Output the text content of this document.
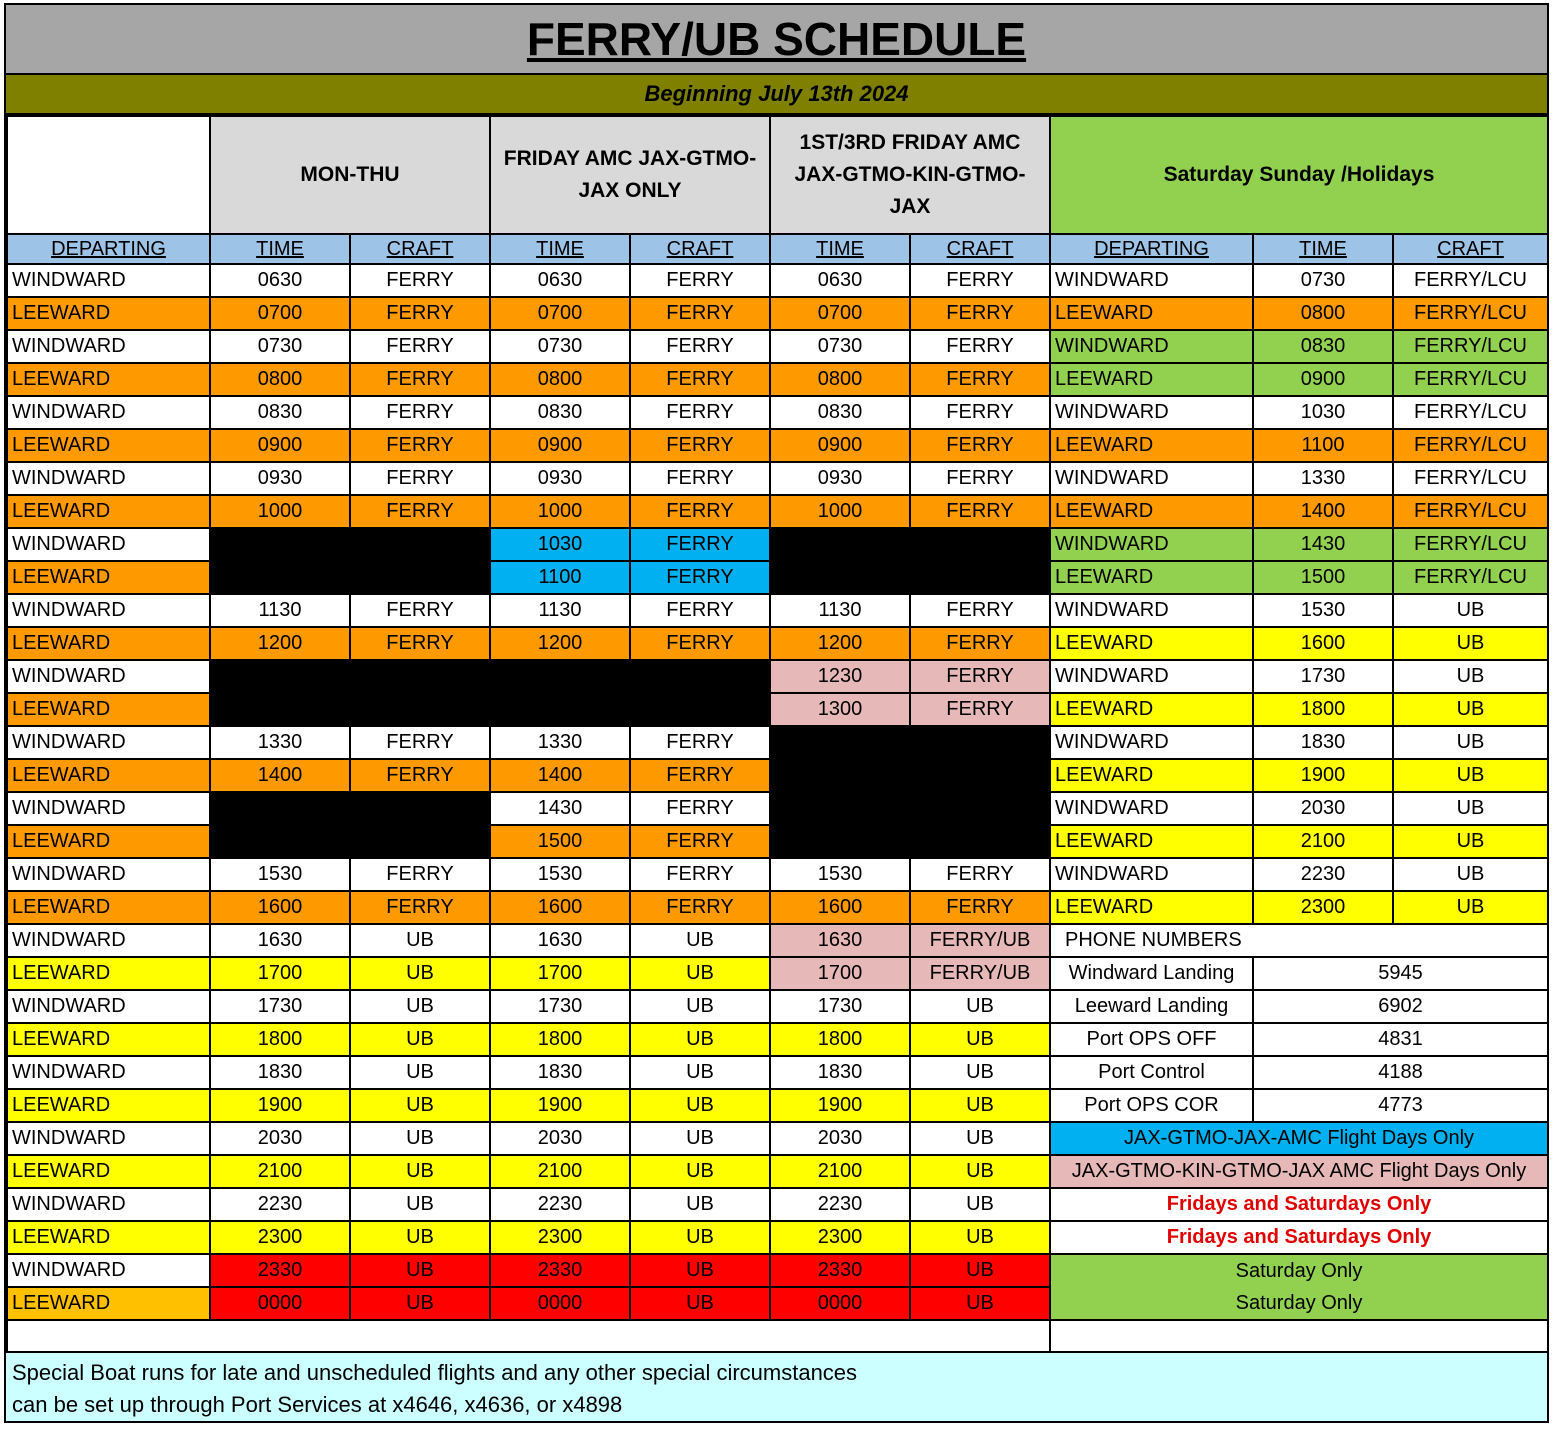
FERRY/UB SCHEDULE
Beginning July 13th 2024
	MON-THU		FRIDAY AMC JAX-GTMO-JAX ONLY		1ST/3RD FRIDAY AMC JAX-GTMO-KIN-GTMO-JAX		Saturday Sunday /Holidays		
DEPARTING	TIME	CRAFT	TIME	CRAFT	TIME	CRAFT	DEPARTING	TIME	CRAFT
WINDWARD	0630	FERRY	0630	FERRY	0630	FERRY	WINDWARD	0730	FERRY/LCU
LEEWARD	0700	FERRY	0700	FERRY	0700	FERRY	LEEWARD	0800	FERRY/LCU
WINDWARD	0730	FERRY	0730	FERRY	0730	FERRY	WINDWARD	0830	FERRY/LCU
LEEWARD	0800	FERRY	0800	FERRY	0800	FERRY	LEEWARD	0900	FERRY/LCU
WINDWARD	0830	FERRY	0830	FERRY	0830	FERRY	WINDWARD	1030	FERRY/LCU
LEEWARD	0900	FERRY	0900	FERRY	0900	FERRY	LEEWARD	1100	FERRY/LCU
WINDWARD	0930	FERRY	0930	FERRY	0930	FERRY	WINDWARD	1330	FERRY/LCU
LEEWARD	1000	FERRY	1000	FERRY	1000	FERRY	LEEWARD	1400	FERRY/LCU
WINDWARD			1030	FERRY			WINDWARD	1430	FERRY/LCU
LEEWARD			1100	FERRY			LEEWARD	1500	FERRY/LCU
WINDWARD	1130	FERRY	1130	FERRY	1130	FERRY	WINDWARD	1530	UB
LEEWARD	1200	FERRY	1200	FERRY	1200	FERRY	LEEWARD	1600	UB
WINDWARD					1230	FERRY	WINDWARD	1730	UB
LEEWARD					1300	FERRY	LEEWARD	1800	UB
WINDWARD	1330	FERRY	1330	FERRY			WINDWARD	1830	UB
LEEWARD	1400	FERRY	1400	FERRY			LEEWARD	1900	UB
WINDWARD			1430	FERRY			WINDWARD	2030	UB
LEEWARD			1500	FERRY			LEEWARD	2100	UB
WINDWARD	1530	FERRY	1530	FERRY	1530	FERRY	WINDWARD	2230	UB
LEEWARD	1600	FERRY	1600	FERRY	1600	FERRY	LEEWARD	2300	UB
WINDWARD	1630	UB	1630	UB	1630	FERRY/UB	PHONE NUMBERS		
LEEWARD	1700	UB	1700	UB	1700	FERRY/UB	Windward Landing	5945	
WINDWARD	1730	UB	1730	UB	1730	UB	Leeward Landing	6902	
LEEWARD	1800	UB	1800	UB	1800	UB	Port OPS OFF	4831	
WINDWARD	1830	UB	1830	UB	1830	UB	Port Control	4188	
LEEWARD	1900	UB	1900	UB	1900	UB	Port OPS COR	4773	
WINDWARD	2030	UB	2030	UB	2030	UB	JAX-GTMO-JAX-AMC Flight Days Only		
LEEWARD	2100	UB	2100	UB	2100	UB	JAX-GTMO-KIN-GTMO-JAX AMC Flight Days Only		
WINDWARD	2230	UB	2230	UB	2230	UB	Fridays and Saturdays Only		
LEEWARD	2300	UB	2300	UB	2300	UB	Fridays and Saturdays Only		
WINDWARD	2330	UB	2330	UB	2330	UB	Saturday Only		
LEEWARD	0000	UB	0000	UB	0000	UB	Saturday Only		

Special Boat runs for late and unscheduled flights and any other special circumstances
can be set up through Port Services at x4646, x4636, or x4898
